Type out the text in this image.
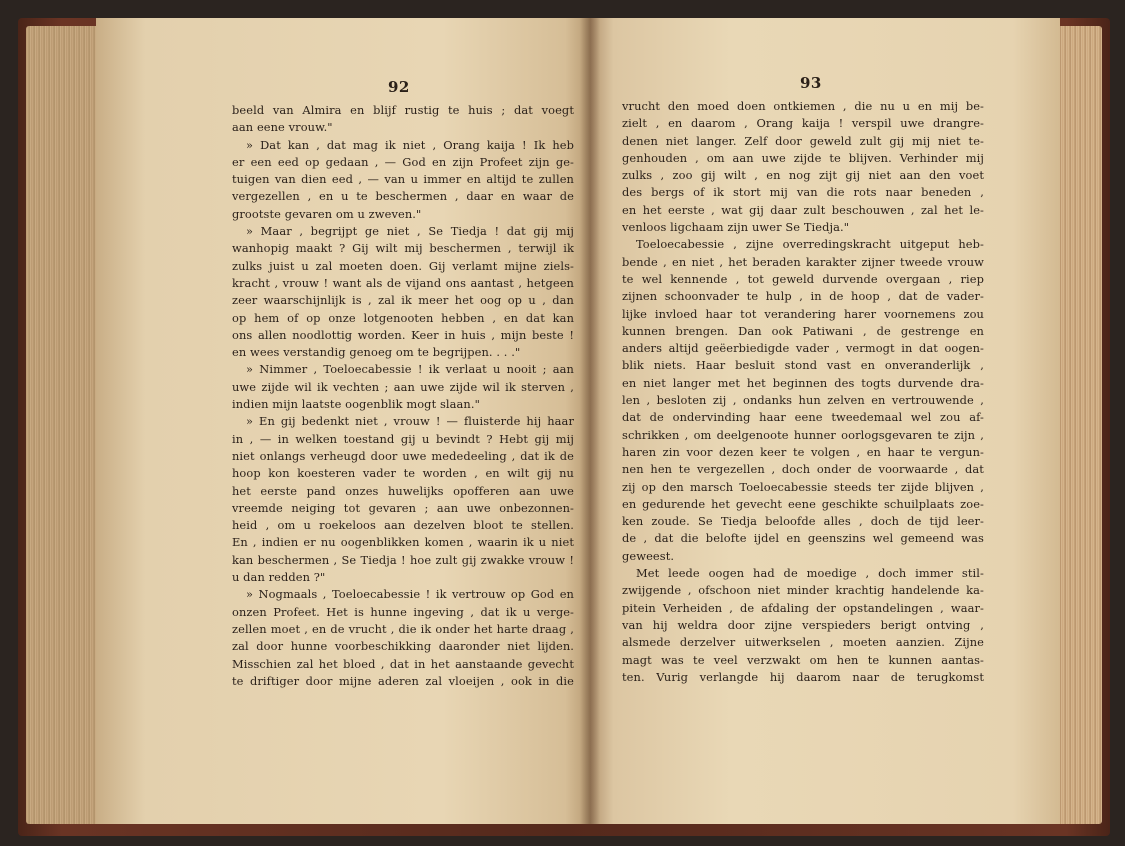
92
beeld van Almira en blijf rustig te huis ; dat voegt
aan eene vrouw."
» Dat kan , dat mag ik niet , Orang kaija ! Ik heb
er een eed op gedaan , — God en zijn Profeet zijn ge-
tuigen van dien eed , — van u immer en altijd te zullen
vergezellen , en u te beschermen , daar en waar de
grootste gevaren om u zweven."
» Maar , begrijpt ge niet , Se Tiedja ! dat gij mij
wanhopig maakt ? Gij wilt mij beschermen , terwijl ik
zulks juist u zal moeten doen. Gij verlamt mijne ziels-
kracht , vrouw ! want als de vijand ons aantast , hetgeen
zeer waarschijnlijk is , zal ik meer het oog op u , dan
op hem of op onze lotgenooten hebben , en dat kan
ons allen noodlottig worden. Keer in huis , mijn beste !
en wees verstandig genoeg om te begrijpen. . . ."
» Nimmer , Toeloecabessie ! ik verlaat u nooit ; aan
uwe zijde wil ik vechten ; aan uwe zijde wil ik sterven ,
indien mijn laatste oogenblik mogt slaan."
» En gij bedenkt niet , vrouw ! — fluisterde hij haar
in , — in welken toestand gij u bevindt ? Hebt gij mij
niet onlangs verheugd door uwe mededeeling , dat ik de
hoop kon koesteren vader te worden , en wilt gij nu
het eerste pand onzes huwelijks opofferen aan uwe
vreemde neiging tot gevaren ; aan uwe onbezonnen-
heid , om u roekeloos aan dezelven bloot te stellen.
En , indien er nu oogenblikken komen , waarin ik u niet
kan beschermen , Se Tiedja ! hoe zult gij zwakke vrouw !
u dan redden ?"
» Nogmaals , Toeloecabessie ! ik vertrouw op God en
onzen Profeet. Het is hunne ingeving , dat ik u verge-
zellen moet , en de vrucht , die ik onder het harte draag ,
zal door hunne voorbeschikking daaronder niet lijden.
Misschien zal het bloed , dat in het aanstaande gevecht
te driftiger door mijne aderen zal vloeijen , ook in die
93
vrucht den moed doen ontkiemen , die nu u en mij be-
zielt , en daarom , Orang kaija ! verspil uwe drangre-
denen niet langer. Zelf door geweld zult gij mij niet te-
genhouden , om aan uwe zijde te blijven. Verhinder mij
zulks , zoo gij wilt , en nog zijt gij niet aan den voet
des bergs of ik stort mij van die rots naar beneden ,
en het eerste , wat gij daar zult beschouwen , zal het le-
venloos ligchaam zijn uwer Se Tiedja."
Toeloecabessie , zijne overredingskracht uitgeput heb-
bende , en niet , het beraden karakter zijner tweede vrouw
te wel kennende , tot geweld durvende overgaan , riep
zijnen schoonvader te hulp , in de hoop , dat de vader-
lijke invloed haar tot verandering harer voornemens zou
kunnen brengen. Dan ook Patiwani , de gestrenge en
anders altijd geëerbiedigde vader , vermogt in dat oogen-
blik niets. Haar besluit stond vast en onveranderlijk ,
en niet langer met het beginnen des togts durvende dra-
len , besloten zij , ondanks hun zelven en vertrouwende ,
dat de ondervinding haar eene tweedemaal wel zou af-
schrikken , om deelgenoote hunner oorlogsgevaren te zijn ,
haren zin voor dezen keer te volgen , en haar te vergun-
nen hen te vergezellen , doch onder de voorwaarde , dat
zij op den marsch Toeloecabessie steeds ter zijde blijven ,
en gedurende het gevecht eene geschikte schuilplaats zoe-
ken zoude. Se Tiedja beloofde alles , doch de tijd leer-
de , dat die belofte ijdel en geenszins wel gemeend was
geweest.
Met leede oogen had de moedige , doch immer stil-
zwijgende , ofschoon niet minder krachtig handelende ka-
pitein Verheiden , de afdaling der opstandelingen , waar-
van hij weldra door zijne verspieders berigt ontving ,
alsmede derzelver uitwerkselen , moeten aanzien. Zijne
magt was te veel verzwakt om hen te kunnen aantas-
ten. Vurig verlangde hij daarom naar de terugkomst
